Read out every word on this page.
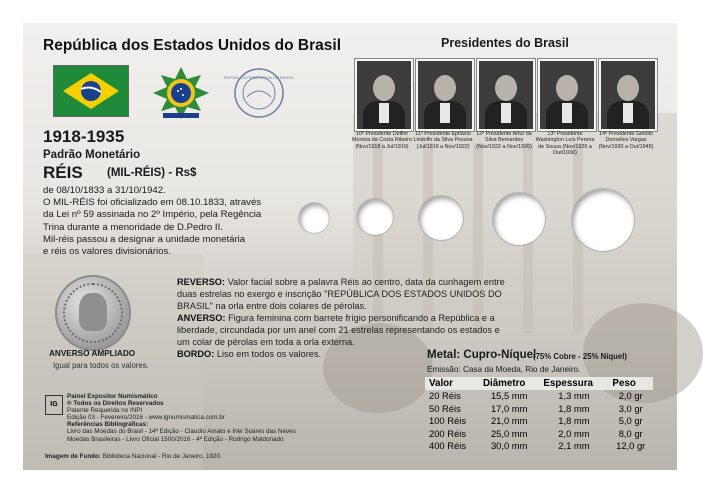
República dos Estados Unidos do Brasil
REPÚBLICA FEDERATIVA DO BRASIL
1918-1935
Padrão Monetário
RÉIS (MIL-RÉIS) - Rs$
de 08/10/1833 a 31/10/1942.
O MIL-RÉIS foi oficializado em 08.10.1833, através
da Lei nº 59 assinada no 2º Império, pela Regência
Trina durante a menoridade de D.Pedro II.
Mil-réis passou a designar a unidade monetária
e réis os valores divisionários.
Presidentes do Brasil
10º Presidente Delfim Moreira da Costa Ribeiro (Nov/1918 a Jul/1919)
11º Presidente Epitácio Lindolfo da Silva Pessoa (Jul/1919 a Nov/1922)
12º Presidente Artur da Silva Bernardes (Nov/1922 a Nov/1926)
13º Presidente Washington Luís Pereira de Sousa (Nov/1926 a Out/1930)
14º Presidente Getúlio Dornelles Vargas (Nov/1930 a Out/1945)
ANVERSO AMPLIADO
Igual para todos os valores.
REVERSO: Valor facial sobre a palavra Réis ao centro, data da cunhagem entre duas estrelas no exergo e inscrição "REPÚBLICA DOS ESTADOS UNIDOS DO BRASIL" na orla entre dois colares de pérolas.
ANVERSO: Figura feminina com barrete frígio personificando a República e a liberdade, circundada por um anel com 21 estrelas representando os estados e um colar de pérolas em toda a orla externa.
BORDO: Liso em todos os valores.	Metal: Cupro-Níquel
(75% Cobre - 25% Níquel)
Emissão: Casa da Moeda, Rio de Janeiro.
Valor	Diâmetro	Espessura	Peso
20 Réis	15,5 mm	1,3 mm	2,0 gr
50 Réis	17,0 mm	1,8 mm	3,0 gr
100 Réis	21,0 mm	1,8 mm	5,0 gr
200 Réis	25,0 mm	2,0 mm	8,0 gr
400 Réis	30,0 mm	2,1 mm	12,0 gr
IG
Painel Expositor Numismático
® Todos os Direitos Reservados
Patente Requerida no INPI
Edição 03 - Fevereiro/2016 - www.lgnumismatica.com.br
Referências Bibliográficas:
Livro das Moedas do Brasil - 14ª Edição - Claudio Amato e Irlei Soares das Neves
Moedas Brasileiras - Livro Oficial 1500/2016 - 4ª Edição - Rodrigo Maldonado
Imagem de Fundo: Biblioteca Nacional - Rio de Janeiro, 1920.
